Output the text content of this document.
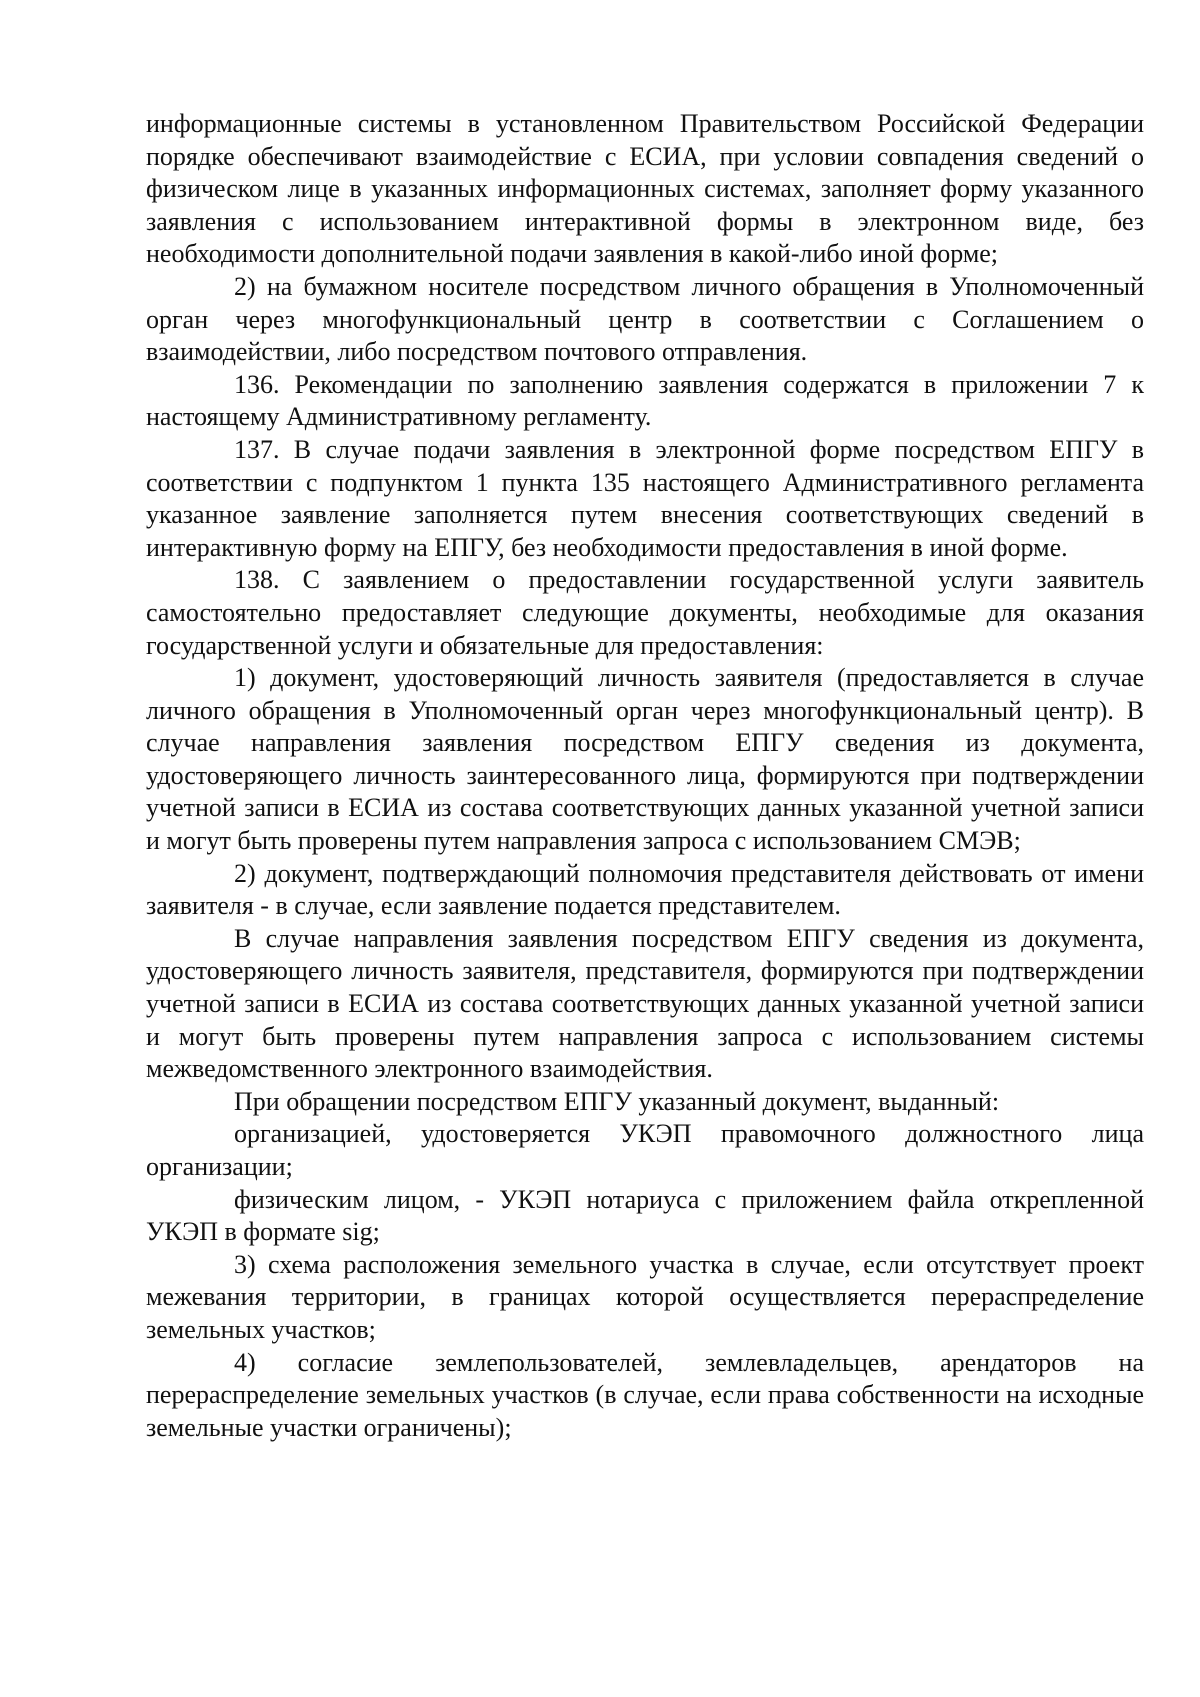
информационные системы в установленном Правительством Российской Федерации порядке обеспечивают взаимодействие с ЕСИА, при условии совпадения сведений о физическом лице в указанных информационных системах, заполняет форму указанного заявления с использованием интерактивной формы в электронном виде, без необходимости дополнительной подачи заявления в какой-либо иной форме;

2) на бумажном носителе посредством личного обращения в Уполномоченный орган через многофункциональный центр в соответствии с Соглашением о взаимодействии, либо посредством почтового отправления.

136. Рекомендации по заполнению заявления содержатся в приложении 7 к настоящему Административному регламенту.

137. В случае подачи заявления в электронной форме посредством ЕПГУ в соответствии с подпунктом 1 пункта 135 настоящего Административного регламента указанное заявление заполняется путем внесения соответствующих сведений в интерактивную форму на ЕПГУ, без необходимости предоставления в иной форме.

138. С заявлением о предоставлении государственной услуги заявитель самостоятельно предоставляет следующие документы, необходимые для оказания государственной услуги и обязательные для предоставления:

1) документ, удостоверяющий личность заявителя (предоставляется в случае личного обращения в Уполномоченный орган через многофункциональный центр). В случае направления заявления посредством ЕПГУ сведения из документа, удостоверяющего личность заинтересованного лица, формируются при подтверждении учетной записи в ЕСИА из состава соответствующих данных указанной учетной записи и могут быть проверены путем направления запроса с использованием СМЭВ;

2) документ, подтверждающий полномочия представителя действовать от имени заявителя - в случае, если заявление подается представителем.

В случае направления заявления посредством ЕПГУ сведения из документа, удостоверяющего личность заявителя, представителя, формируются при подтверждении учетной записи в ЕСИА из состава соответствующих данных указанной учетной записи и могут быть проверены путем направления запроса с использованием системы межведомственного электронного взаимодействия.

При обращении посредством ЕПГУ указанный документ, выданный:

организацией, удостоверяется УКЭП правомочного должностного лица организации;

физическим лицом, - УКЭП нотариуса с приложением файла открепленной УКЭП в формате sig;

3) схема расположения земельного участка в случае, если отсутствует проект межевания территории, в границах которой осуществляется перераспределение земельных участков;

4) согласие землепользователей, землевладельцев, арендаторов на перераспределение земельных участков (в случае, если права собственности на исходные земельные участки ограничены);
